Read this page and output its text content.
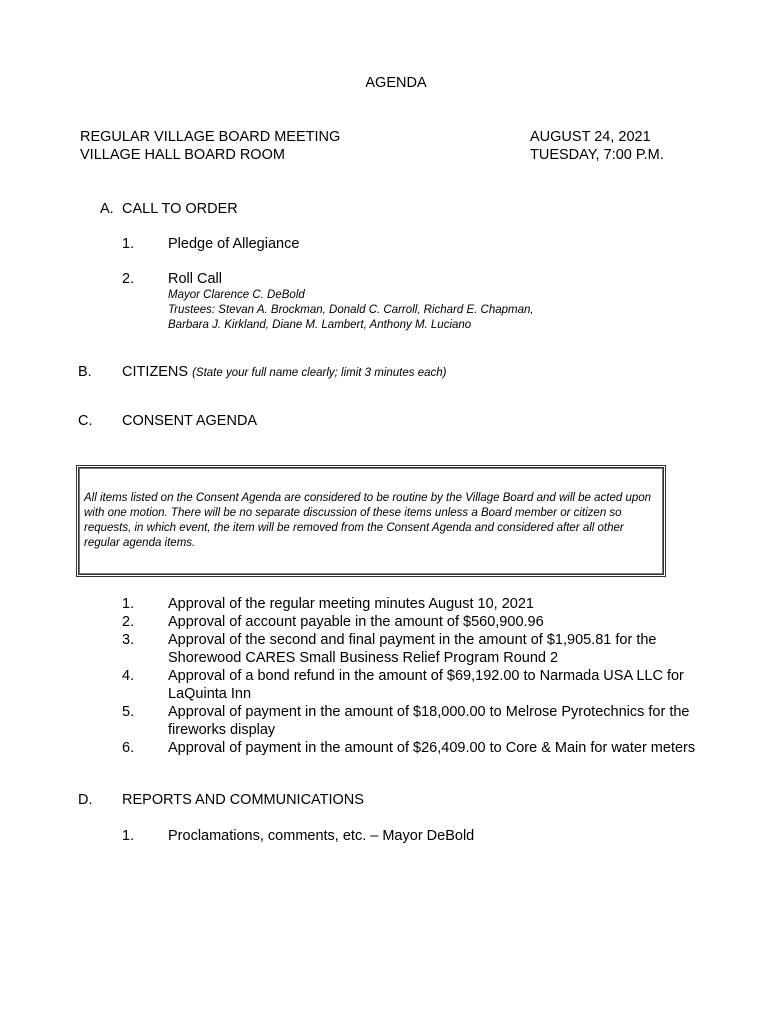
AGENDA
REGULAR VILLAGE BOARD MEETING
VILLAGE HALL BOARD ROOM
AUGUST 24, 2021
TUESDAY, 7:00 P.M.
A. CALL TO ORDER
1. Pledge of Allegiance
2. Roll Call
Mayor Clarence C. DeBold
Trustees: Stevan A. Brockman, Donald C. Carroll, Richard E. Chapman,
Barbara J. Kirkland, Diane M. Lambert, Anthony M. Luciano
B. CITIZENS (State your full name clearly; limit 3 minutes each)
C. CONSENT AGENDA
All items listed on the Consent Agenda are considered to be routine by the Village Board and will be acted upon with one motion. There will be no separate discussion of these items unless a Board member or citizen so requests, in which event, the item will be removed from the Consent Agenda and considered after all other regular agenda items.
1. Approval of the regular meeting minutes August 10, 2021
2. Approval of account payable in the amount of $560,900.96
3. Approval of the second and final payment in the amount of $1,905.81 for the Shorewood CARES Small Business Relief Program Round 2
4. Approval of a bond refund in the amount of $69,192.00 to Narmada USA LLC for LaQuinta Inn
5. Approval of payment in the amount of $18,000.00 to Melrose Pyrotechnics for the fireworks display
6. Approval of payment in the amount of $26,409.00 to Core & Main for water meters
D. REPORTS AND COMMUNICATIONS
1. Proclamations, comments, etc. – Mayor DeBold
